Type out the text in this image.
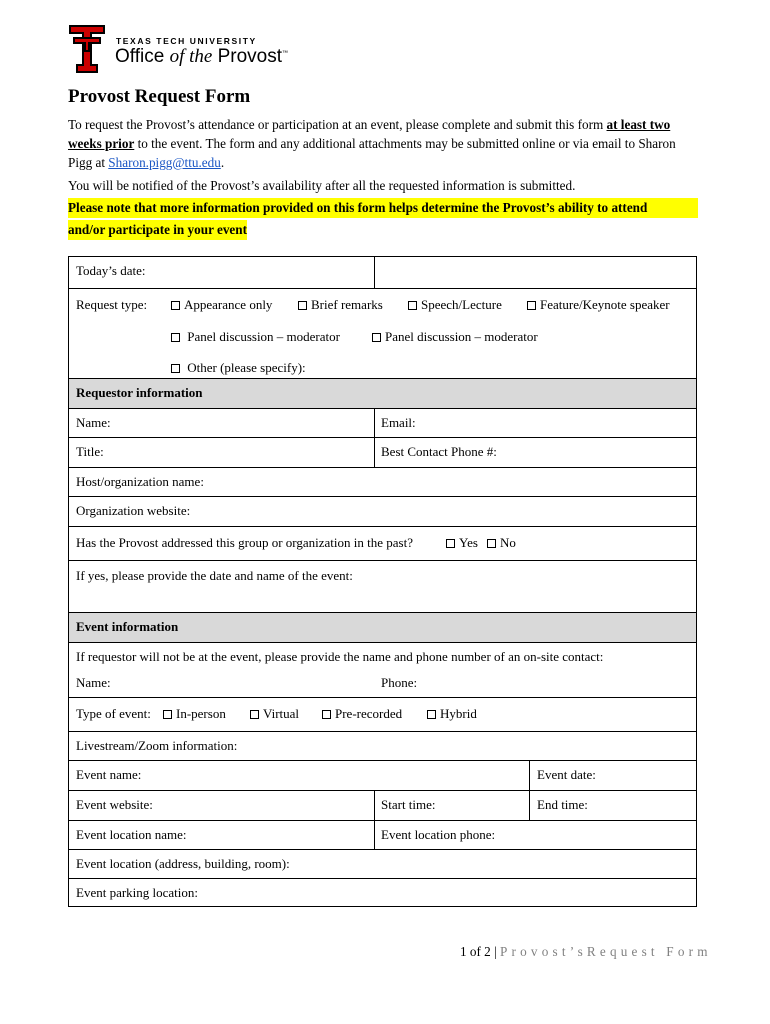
TEXAS TECH UNIVERSITY
Office of the Provost™
Provost Request Form
To request the Provost’s attendance or participation at an event, please complete and submit this form at least two weeks prior to the event. The form and any additional attachments may be submitted online or via email to Sharon Pigg at Sharon.pigg@ttu.edu.
You will be notified of the Provost’s availability after all the requested information is submitted.
Please note that more information provided on this form helps determine the Provost’s ability to attend
and/or participate in your event
Today’s date:
Request type:	Appearance only	Brief remarks	Speech/Lecture	Feature/Keynote speaker
Panel discussion – moderator	Panel discussion – moderator
Other (please specify):
Requestor information
Name:	Email:
Title:	Best Contact Phone #:
Host/organization name:
Organization website:
Has the Provost addressed this group or organization in the past?	Yes	No
If yes, please provide the date and name of the event:
Event information
If requestor will not be at the event, please provide the name and phone number of an on-site contact:
Name:	Phone:
Type of event:	In-person	Virtual	Pre-recorded	Hybrid
Livestream/Zoom information:
Event name:	Event date:
Event website:	Start time:	End time:
Event location name:	Event location phone:
Event location (address, building, room):
Event parking location:
1 of 2 | Provost’sRequest Form
